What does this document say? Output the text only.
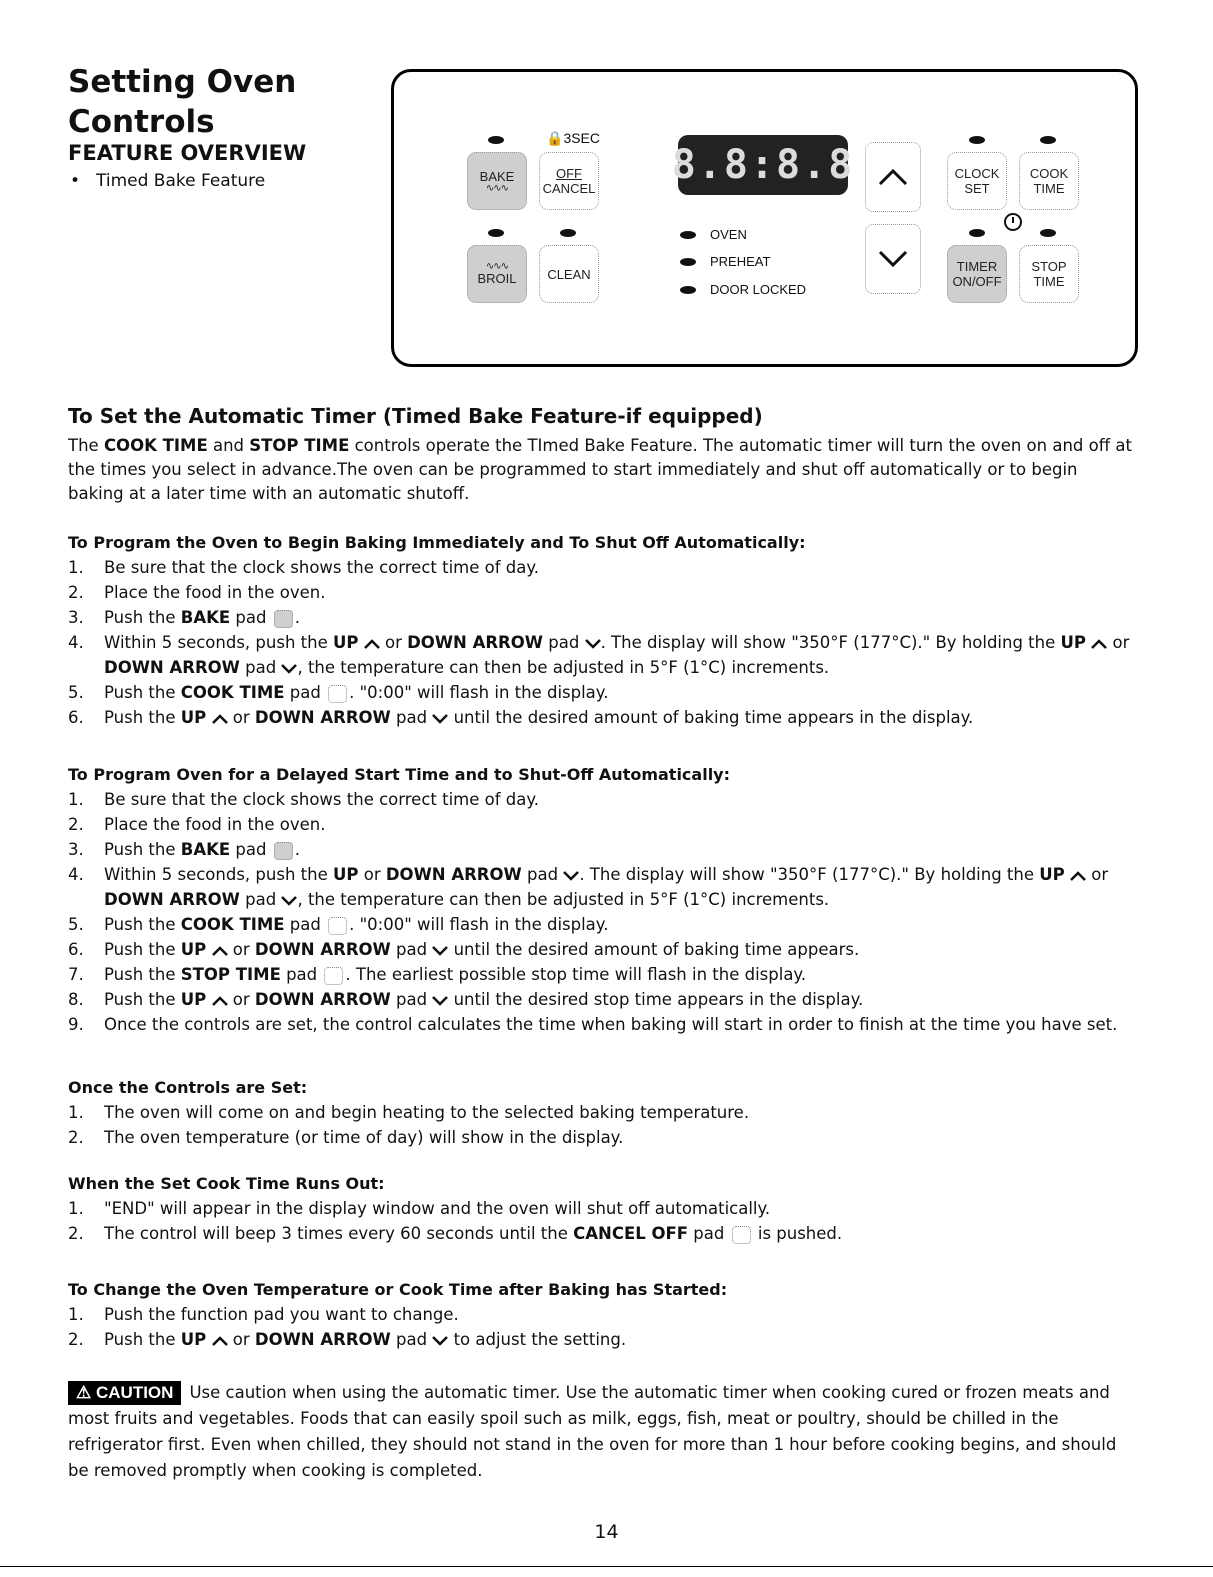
Setting Oven
Controls
FEATURE OVERVIEW
• Timed Bake Feature
🔒3SEC
BAKE
∿∿∿
OFF
CANCEL
∿∿∿
BROIL CLEAN
8.8:8.8
OVEN
PREHEAT
DOOR LOCKED
CLOCK
SET
COOK
TIME
TIMER
ON/OFF
STOP
TIME
To Set the Automatic Timer (Timed Bake Feature-if equipped)

The COOK TIME and STOP TIME controls operate the TImed Bake Feature. The automatic timer will turn the oven on and off at the times you select in advance.The oven can be programmed to start immediately and shut off automatically or to begin baking at a later time with an automatic shutoff.

To Program the Oven to Begin Baking Immediately and To Shut Off Automatically:
1. Be sure that the clock shows the correct time of day.
2. Place the food in the oven.
3. Push the BAKE pad .
4. Within 5 seconds, push the UP  or DOWN ARROW pad . The display will show "350°F (177°C)." By holding the UP  or DOWN ARROW pad , the temperature can then be adjusted in 5°F (1°C) increments.
5. Push the COOK TIME pad . "0:00" will flash in the display.
6. Push the UP  or DOWN ARROW pad  until the desired amount of baking time appears in the display.
To Program Oven for a Delayed Start Time and to Shut-Off Automatically:
1. Be sure that the clock shows the correct time of day.
2. Place the food in the oven.
3. Push the BAKE pad .
4. Within 5 seconds, push the UP or DOWN ARROW pad . The display will show "350°F (177°C)." By holding the UP  or DOWN ARROW pad , the temperature can then be adjusted in 5°F (1°C) increments.
5. Push the COOK TIME pad . "0:00" will flash in the display.
6. Push the UP  or DOWN ARROW pad  until the desired amount of baking time appears.
7. Push the STOP TIME pad . The earliest possible stop time will flash in the display.
8. Push the UP  or DOWN ARROW pad  until the desired stop time appears in the display.
9. Once the controls are set, the control calculates the time when baking will start in order to finish at the time you have set.
Once the Controls are Set:
1. The oven will come on and begin heating to the selected baking temperature.
2. The oven temperature (or time of day) will show in the display.
When the Set Cook Time Runs Out:
1. "END" will appear in the display window and the oven will shut off automatically.
2. The control will beep 3 times every 60 seconds until the CANCEL OFF pad  is pushed.
To Change the Oven Temperature or Cook Time after Baking has Started:
1. Push the function pad you want to change.
2. Push the UP  or DOWN ARROW pad  to adjust the setting.

⚠ CAUTION Use caution when using the automatic timer. Use the automatic timer when cooking cured or frozen meats and most fruits and vegetables. Foods that can easily spoil such as milk, eggs, fish, meat or poultry, should be chilled in the refrigerator first. Even when chilled, they should not stand in the oven for more than 1 hour before cooking begins, and should be removed promptly when cooking is completed.

14
